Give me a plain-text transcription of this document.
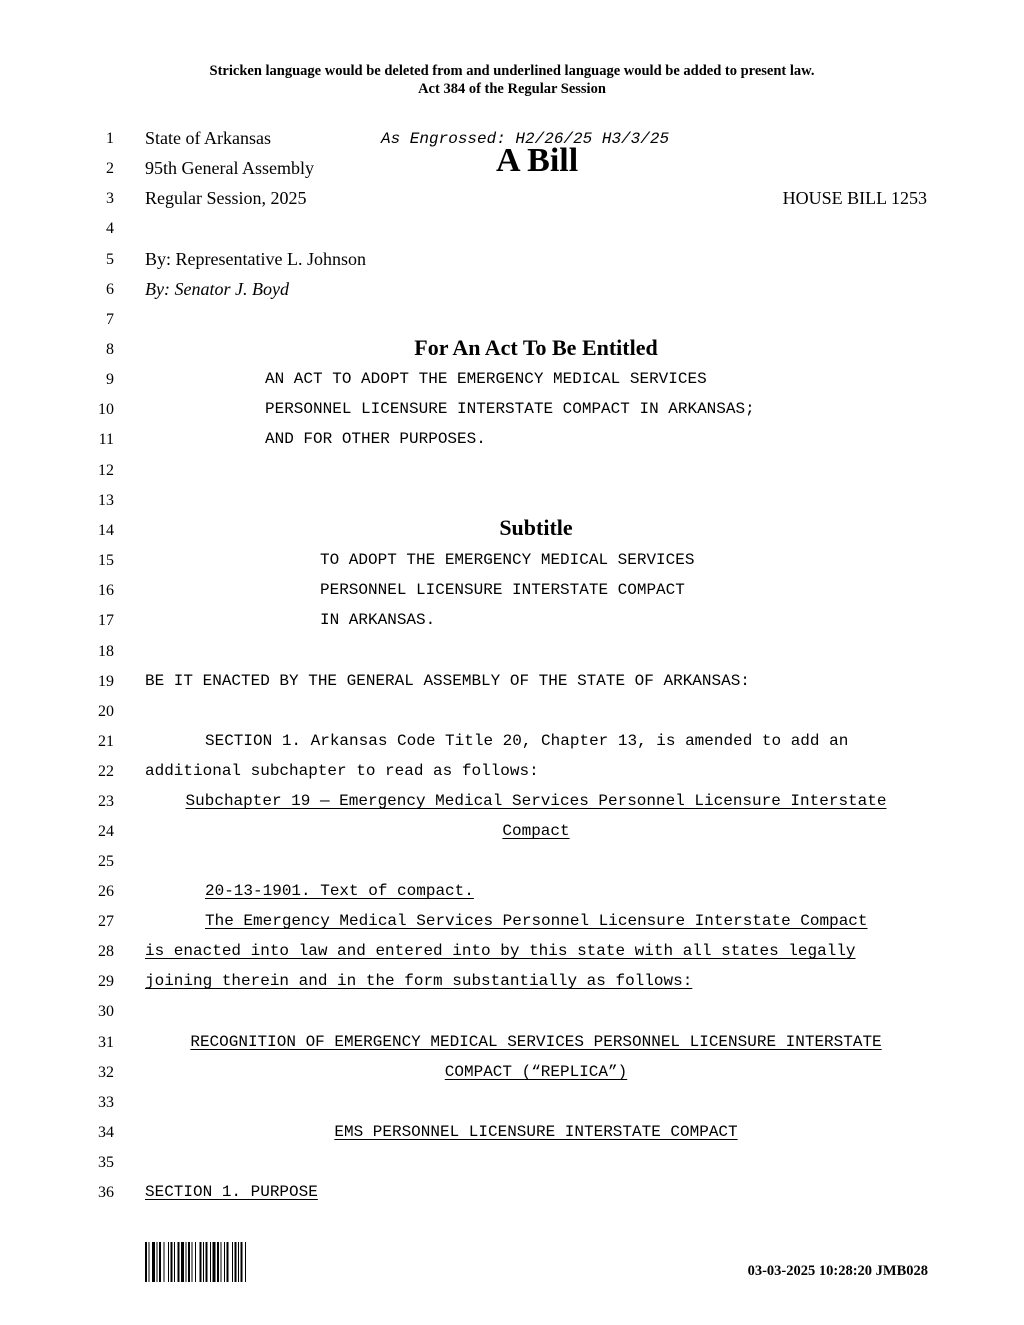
Stricken language would be deleted from and underlined language would be added to present law.
Act 384 of the Regular Session
1
2
3
4
5
6
7
8
9
10
11
12
13
14
15
16
17
18
19
20
21
22
23
24
25
26
27
28
29
30
31
32
33
34
35
36
State of Arkansas	As Engrossed: H2/26/25 H3/3/25
95th General Assembly	A Bill
Regular Session, 2025	HOUSE BILL 1253
By: Representative L. Johnson
By: Senator J. Boyd
For An Act To Be Entitled
AN ACT TO ADOPT THE EMERGENCY MEDICAL SERVICES
PERSONNEL LICENSURE INTERSTATE COMPACT IN ARKANSAS;
AND FOR OTHER PURPOSES.
Subtitle
TO ADOPT THE EMERGENCY MEDICAL SERVICES
PERSONNEL LICENSURE INTERSTATE COMPACT
IN ARKANSAS.
BE IT ENACTED BY THE GENERAL ASSEMBLY OF THE STATE OF ARKANSAS:
SECTION 1. Arkansas Code Title 20, Chapter 13, is amended to add an
additional subchapter to read as follows:
Subchapter 19 — Emergency Medical Services Personnel Licensure Interstate
Compact
20-13-1901. Text of compact.
The Emergency Medical Services Personnel Licensure Interstate Compact
is enacted into law and entered into by this state with all states legally
joining therein and in the form substantially as follows:
RECOGNITION OF EMERGENCY MEDICAL SERVICES PERSONNEL LICENSURE INTERSTATE
COMPACT (“REPLICA”)
EMS PERSONNEL LICENSURE INTERSTATE COMPACT
SECTION 1. PURPOSE
03-03-2025 10:28:20 JMB028
